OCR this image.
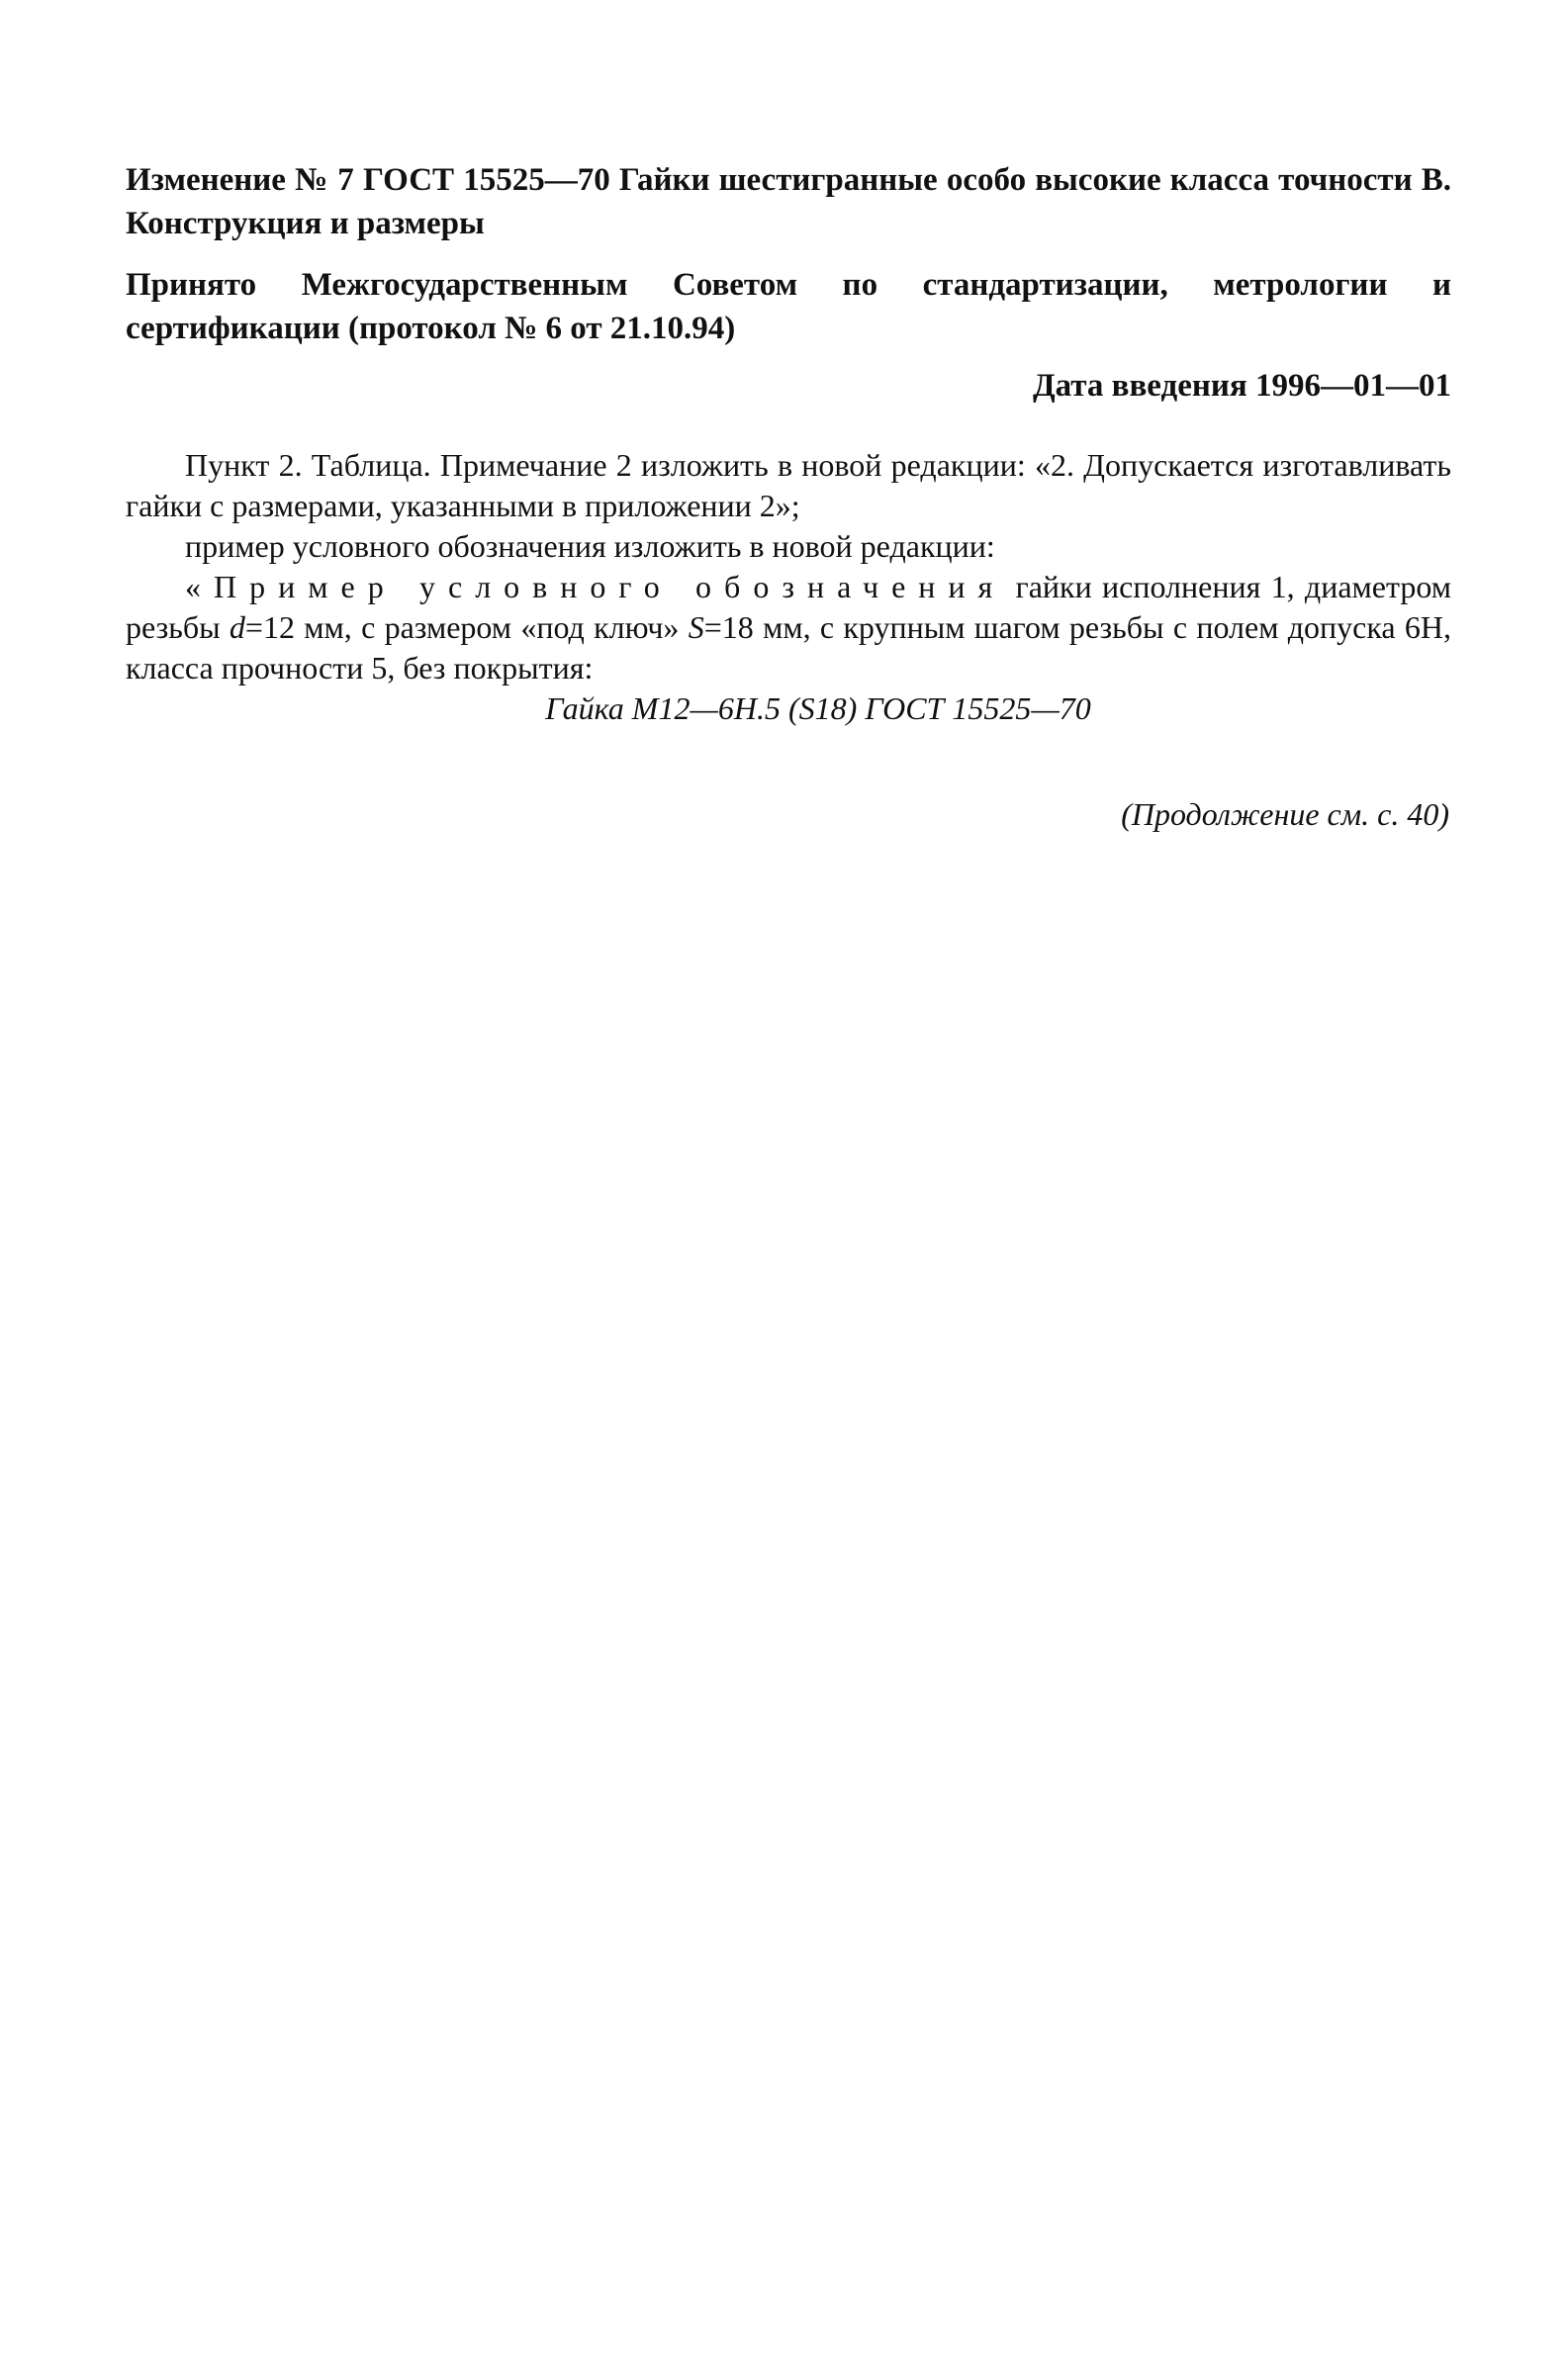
Изменение № 7 ГОСТ 15525—70 Гайки шестигранные особо высокие класса точности В. Конструкция и размеры

Принято Межгосударственным Советом по стандартизации, метрологии и сертификации (протокол № 6 от 21.10.94)

Дата введения 1996—01—01

Пункт 2. Таблица. Примечание 2 изложить в новой редакции: «2. Допускается изготавливать гайки с размерами, указанными в приложении 2»;

пример условного обозначения изложить в новой редакции:

«Пример условного обозначения гайки исполнения 1, диаметром резьбы d=12 мм, с размером «под ключ» S=18 мм, с крупным шагом резьбы с полем допуска 6Н, класса прочности 5, без покрытия:

Гайка М12—6Н.5 (S18) ГОСТ 15525—70

(Продолжение см. с. 40)
